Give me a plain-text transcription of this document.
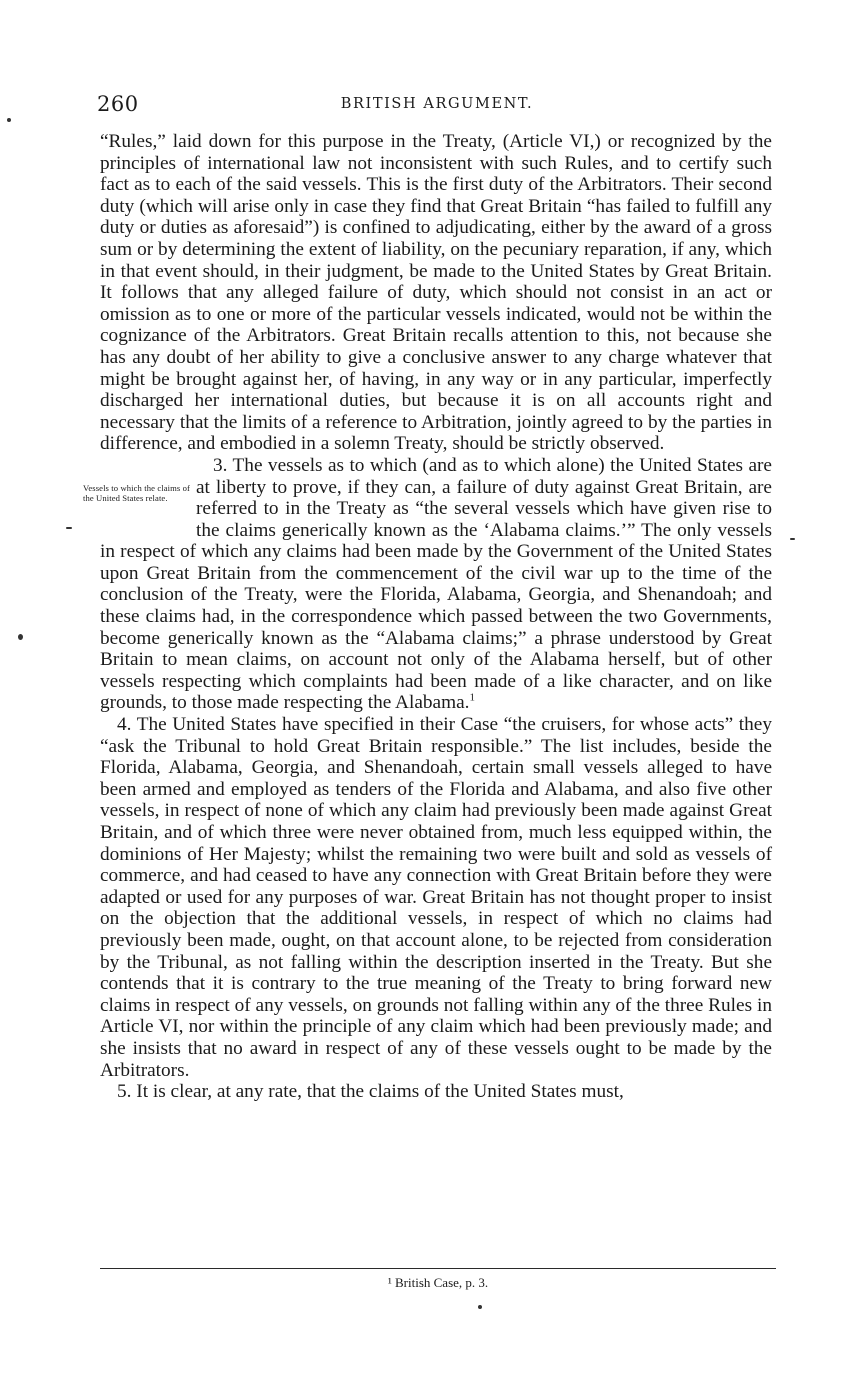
260	BRITISH ARGUMENT.

“Rules,” laid down for this purpose in the Treaty, (Article VI,) or recognized by the principles of international law not inconsistent with such Rules, and to certify such fact as to each of the said vessels. This is the first duty of the Arbitrators. Their second duty (which will arise only in case they find that Great Britain “has failed to fulfill any duty or duties as aforesaid”) is confined to adjudicating, either by the award of a gross sum or by determining the extent of liability, on the pecuniary reparation, if any, which in that event should, in their judgment, be made to the United States by Great Britain. It follows that any alleged failure of duty, which should not consist in an act or omission as to one or more of the particular vessels indicated, would not be within the cognizance of the Arbitrators. Great Britain recalls attention to this, not because she has any doubt of her ability to give a conclusive answer to any charge whatever that might be brought against her, of having, in any way or in any particular, imperfectly discharged her international duties, but because it is on all accounts right and necessary that the limits of a reference to Arbitration, jointly agreed to by the parties in difference, and embodied in a solemn Treaty, should be strictly observed.

Vessels to which the claims of the United States relate.
3. The vessels as to which (and as to which alone) the United States are at liberty to prove, if they can, a failure of duty against Great Britain, are referred to in the Treaty as “the several vessels which have given rise to the claims generically known as the ‘Alabama claims.’” The only vessels in respect of which any claims had been made by the Government of the United States upon Great Britain from the commencement of the civil war up to the time of the conclusion of the Treaty, were the Florida, Alabama, Georgia, and Shenandoah; and these claims had, in the correspondence which passed between the two Governments, become generically known as the “Alabama claims;” a phrase understood by Great Britain to mean claims, on account not only of the Alabama herself, but of other vessels respecting which complaints had been made of a like character, and on like grounds, to those made respecting the Alabama.$^1$

4. The United States have specified in their Case “the cruisers, for whose acts” they “ask the Tribunal to hold Great Britain responsible.” The list includes, beside the Florida, Alabama, Georgia, and Shenandoah, certain small vessels alleged to have been armed and employed as tenders of the Florida and Alabama, and also five other vessels, in respect of none of which any claim had previously been made against Great Britain, and of which three were never obtained from, much less equipped within, the dominions of Her Majesty; whilst the remaining two were built and sold as vessels of commerce, and had ceased to have any connection with Great Britain before they were adapted or used for any purposes of war. Great Britain has not thought proper to insist on the objection that the additional vessels, in respect of which no claims had previously been made, ought, on that account alone, to be rejected from consideration by the Tribunal, as not falling within the description inserted in the Treaty. But she contends that it is contrary to the true meaning of the Treaty to bring forward new claims in respect of any vessels, on grounds not falling within any of the three Rules in Article VI, nor within the principle of any claim which had been previously made; and she insists that no award in respect of any of these vessels ought to be made by the Arbitrators.

5. It is clear, at any rate, that the claims of the United States must,

¹ British Case, p. 3.
